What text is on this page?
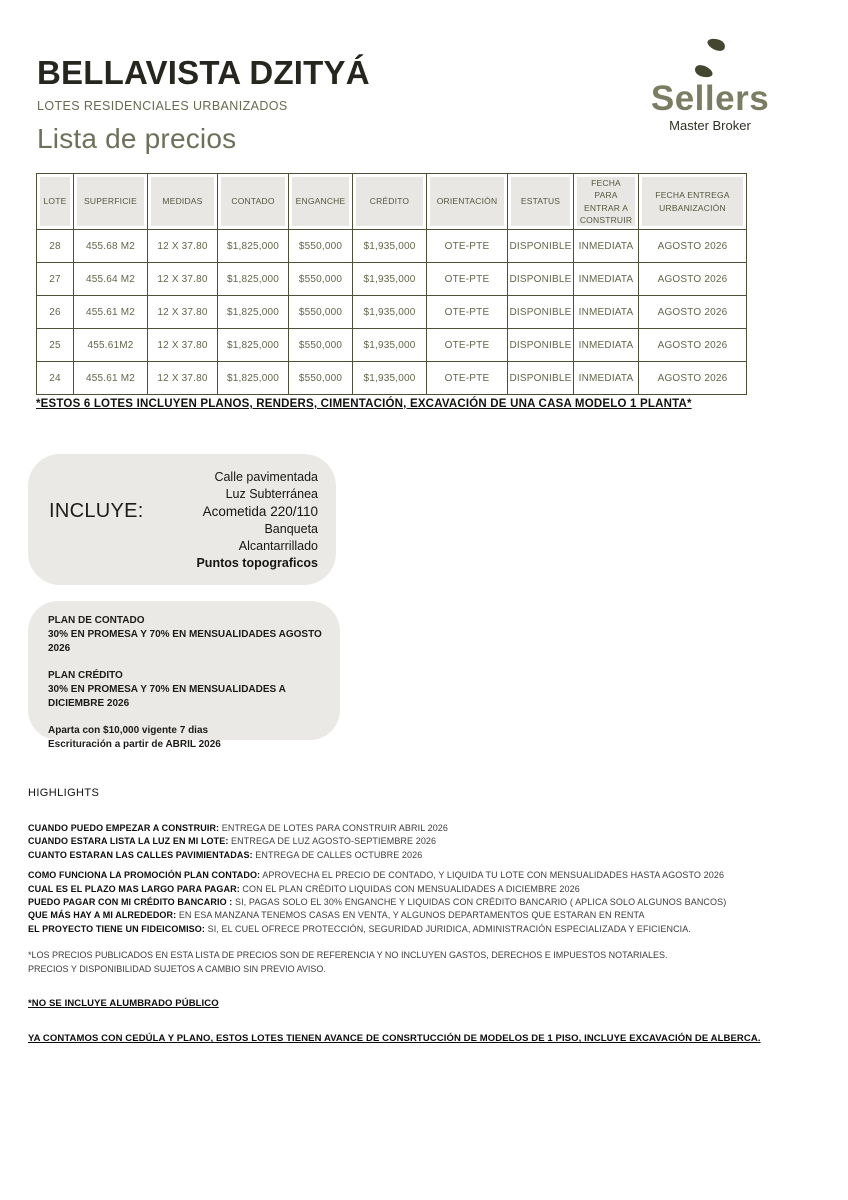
BELLAVISTA DZITYÁ
LOTES RESIDENCIALES URBANIZADOS
Lista de precios
Sellers
Master Broker
LOTE	SUPERFICIE	MEDIDAS	CONTADO	ENGANCHE	CRÉDITO	ORIENTACIÓN	ESTATUS	FECHA PARA ENTRAR A CONSTRUIR	FECHA ENTREGA URBANIZACIÓN

28	455.68 M2	12 X 37.80	$1,825,000	$550,000	$1,935,000	OTE-PTE	DISPONIBLE	INMEDIATA	AGOSTO 2026
27	455.64 M2	12 X 37.80	$1,825,000	$550,000	$1,935,000	OTE-PTE	DISPONIBLE	INMEDIATA	AGOSTO 2026
26	455.61 M2	12 X 37.80	$1,825,000	$550,000	$1,935,000	OTE-PTE	DISPONIBLE	INMEDIATA	AGOSTO 2026
25	455.61M2	12 X 37.80	$1,825,000	$550,000	$1,935,000	OTE-PTE	DISPONIBLE	INMEDIATA	AGOSTO 2026
24	455.61 M2	12 X 37.80	$1,825,000	$550,000	$1,935,000	OTE-PTE	DISPONIBLE	INMEDIATA	AGOSTO 2026
*ESTOS 6 LOTES INCLUYEN PLANOS, RENDERS, CIMENTACIÓN, EXCAVACIÓN DE UNA CASA MODELO 1 PLANTA*
INCLUYE:
Calle pavimentada
Luz Subterránea
Acometida 220/110
Banqueta
Alcantarrillado
Puntos topograficos

PLAN DE CONTADO

30% EN PROMESA Y 70% EN MENSUALIDADES AGOSTO 2026

PLAN CRÉDITO

30% EN PROMESA Y 70% EN MENSUALIDADES A DICIEMBRE 2026

Aparta con $10,000 vigente 7 dias

Escrituración a partir de ABRIL 2026

HIGHLIGHTS
CUANDO PUEDO EMPEZAR A CONSTRUIR: ENTREGA DE LOTES PARA CONSTRUIR ABRIL 2026
CUANDO ESTARA LISTA LA LUZ EN MI LOTE: ENTREGA DE LUZ AGOSTO-SEPTIEMBRE 2026
CUANTO ESTARAN LAS CALLES PAVIMIENTADAS: ENTREGA DE CALLES OCTUBRE 2026
COMO FUNCIONA LA PROMOCIÓN PLAN CONTADO: APROVECHA EL PRECIO DE CONTADO, Y LIQUIDA TU LOTE CON MENSUALIDADES HASTA AGOSTO 2026
CUAL ES EL PLAZO MAS LARGO PARA PAGAR: CON EL PLAN CRÉDITO LIQUIDAS CON MENSUALIDADES A DICIEMBRE 2026
PUEDO PAGAR CON MI CRÉDITO BANCARIO : SI, PAGAS SOLO EL 30% ENGANCHE Y LIQUIDAS CON CRÉDITO BANCARIO ( APLICA SOLO ALGUNOS BANCOS)
QUE MÁS HAY A MI ALREDEDOR: EN ESA MANZANA TENEMOS CASAS EN VENTA, Y ALGUNOS DEPARTAMENTOS QUE ESTARAN EN RENTA
EL PROYECTO TIENE UN FIDEICOMISO: SI, EL CUEL OFRECE PROTECCIÓN, SEGURIDAD JURIDICA, ADMINISTRACIÓN ESPECIALIZADA Y EFICIENCIA.
*LOS PRECIOS PUBLICADOS EN ESTA LISTA DE PRECIOS SON DE REFERENCIA Y NO INCLUYEN GASTOS, DERECHOS E IMPUESTOS NOTARIALES.
PRECIOS Y DISPONIBILIDAD SUJETOS A CAMBIO SIN PREVIO AVISO.
*NO SE INCLUYE ALUMBRADO PÚBLICO
YA CONTAMOS CON CEDÚLA Y PLANO, ESTOS LOTES TIENEN AVANCE DE CONSRTUCCIÓN DE MODELOS DE 1 PISO, INCLUYE EXCAVACIÓN DE ALBERCA.
